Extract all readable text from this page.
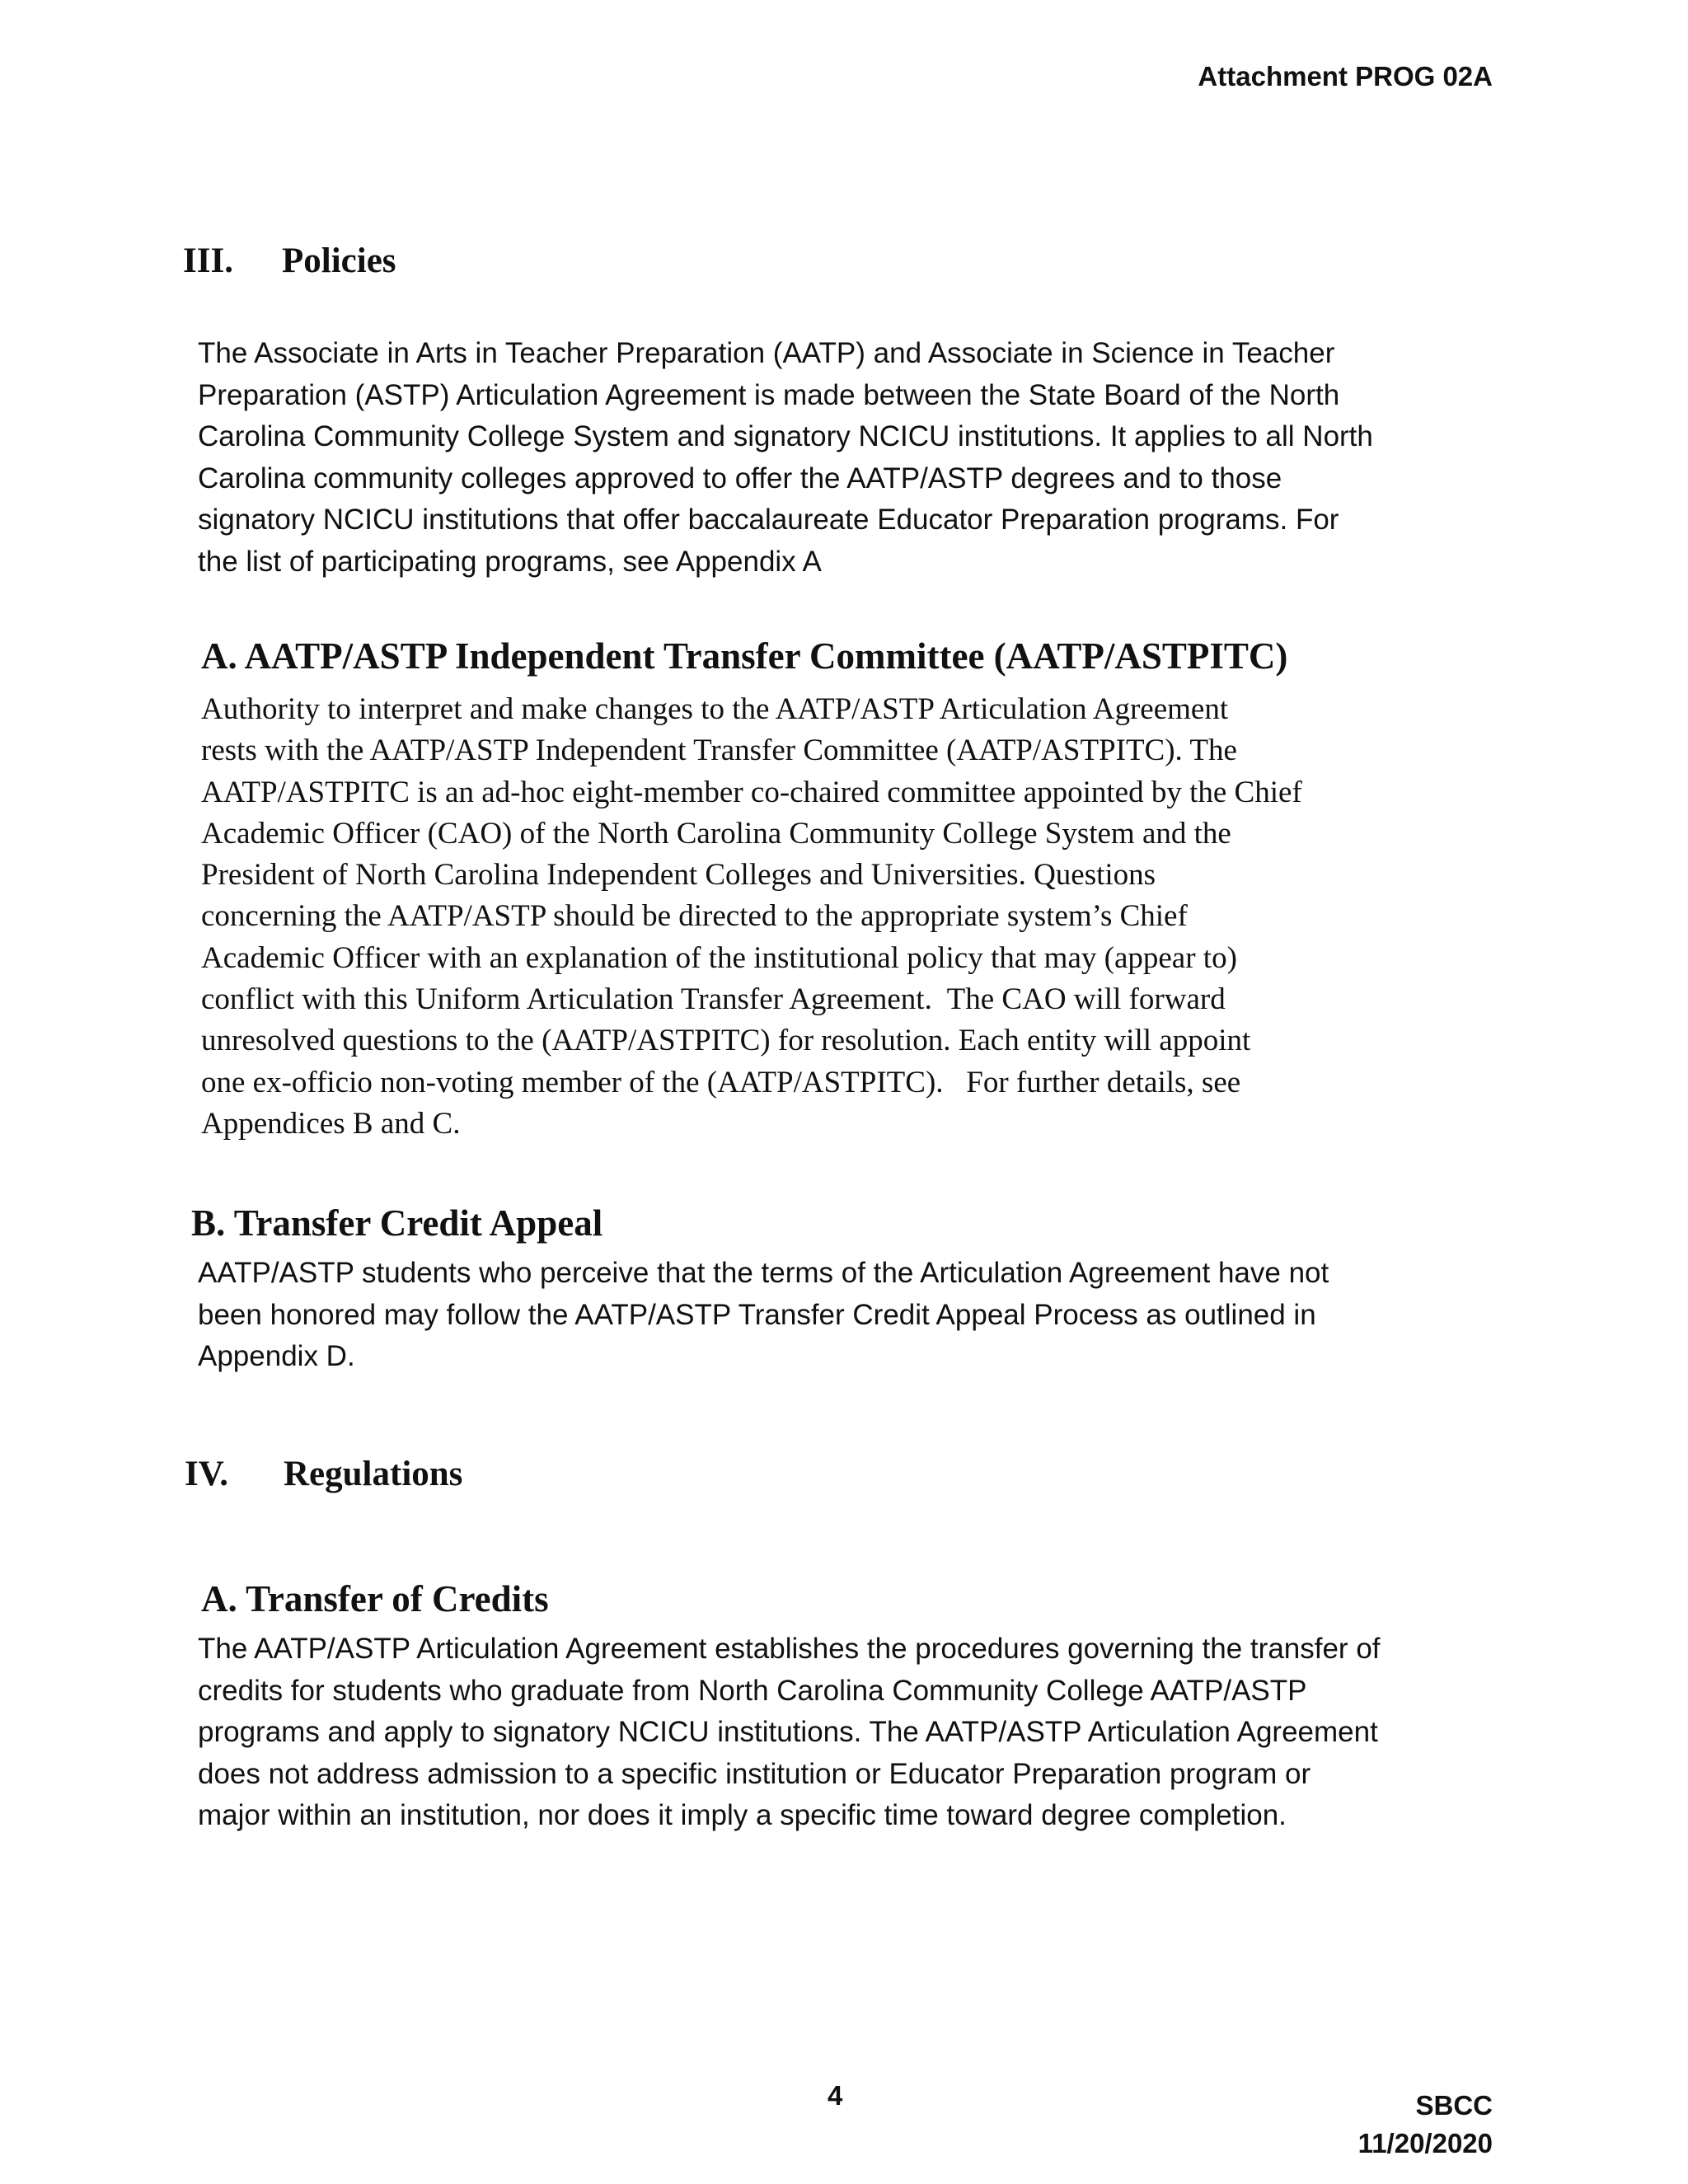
Attachment PROG 02A
III. Policies
The Associate in Arts in Teacher Preparation (AATP) and Associate in Science in Teacher
Preparation (ASTP) Articulation Agreement is made between the State Board of the North
Carolina Community College System and signatory NCICU institutions. It applies to all North
Carolina community colleges approved to offer the AATP/ASTP degrees and to those
signatory NCICU institutions that offer baccalaureate Educator Preparation programs. For
the list of participating programs, see Appendix A
A. AATP/ASTP Independent Transfer Committee (AATP/ASTPITC)
Authority to interpret and make changes to the AATP/ASTP Articulation Agreement
rests with the AATP/ASTP Independent Transfer Committee (AATP/ASTPITC). The
AATP/ASTPITC is an ad-hoc eight-member co-chaired committee appointed by the Chief
Academic Officer (CAO) of the North Carolina Community College System and the
President of North Carolina Independent Colleges and Universities. Questions
concerning the AATP/ASTP should be directed to the appropriate system’s Chief
Academic Officer with an explanation of the institutional policy that may (appear to)
conflict with this Uniform Articulation Transfer Agreement.  The CAO will forward
unresolved questions to the (AATP/ASTPITC) for resolution. Each entity will appoint
one ex-officio non-voting member of the (AATP/ASTPITC).   For further details, see
Appendices B and C.
B. Transfer Credit Appeal
AATP/ASTP students who perceive that the terms of the Articulation Agreement have not
been honored may follow the AATP/ASTP Transfer Credit Appeal Process as outlined in
Appendix D.
IV. Regulations
A. Transfer of Credits
The AATP/ASTP Articulation Agreement establishes the procedures governing the transfer of
credits for students who graduate from North Carolina Community College AATP/ASTP
programs and apply to signatory NCICU institutions. The AATP/ASTP Articulation Agreement
does not address admission to a specific institution or Educator Preparation program or
major within an institution, nor does it imply a specific time toward degree completion.
4	SBCC
11/20/2020
